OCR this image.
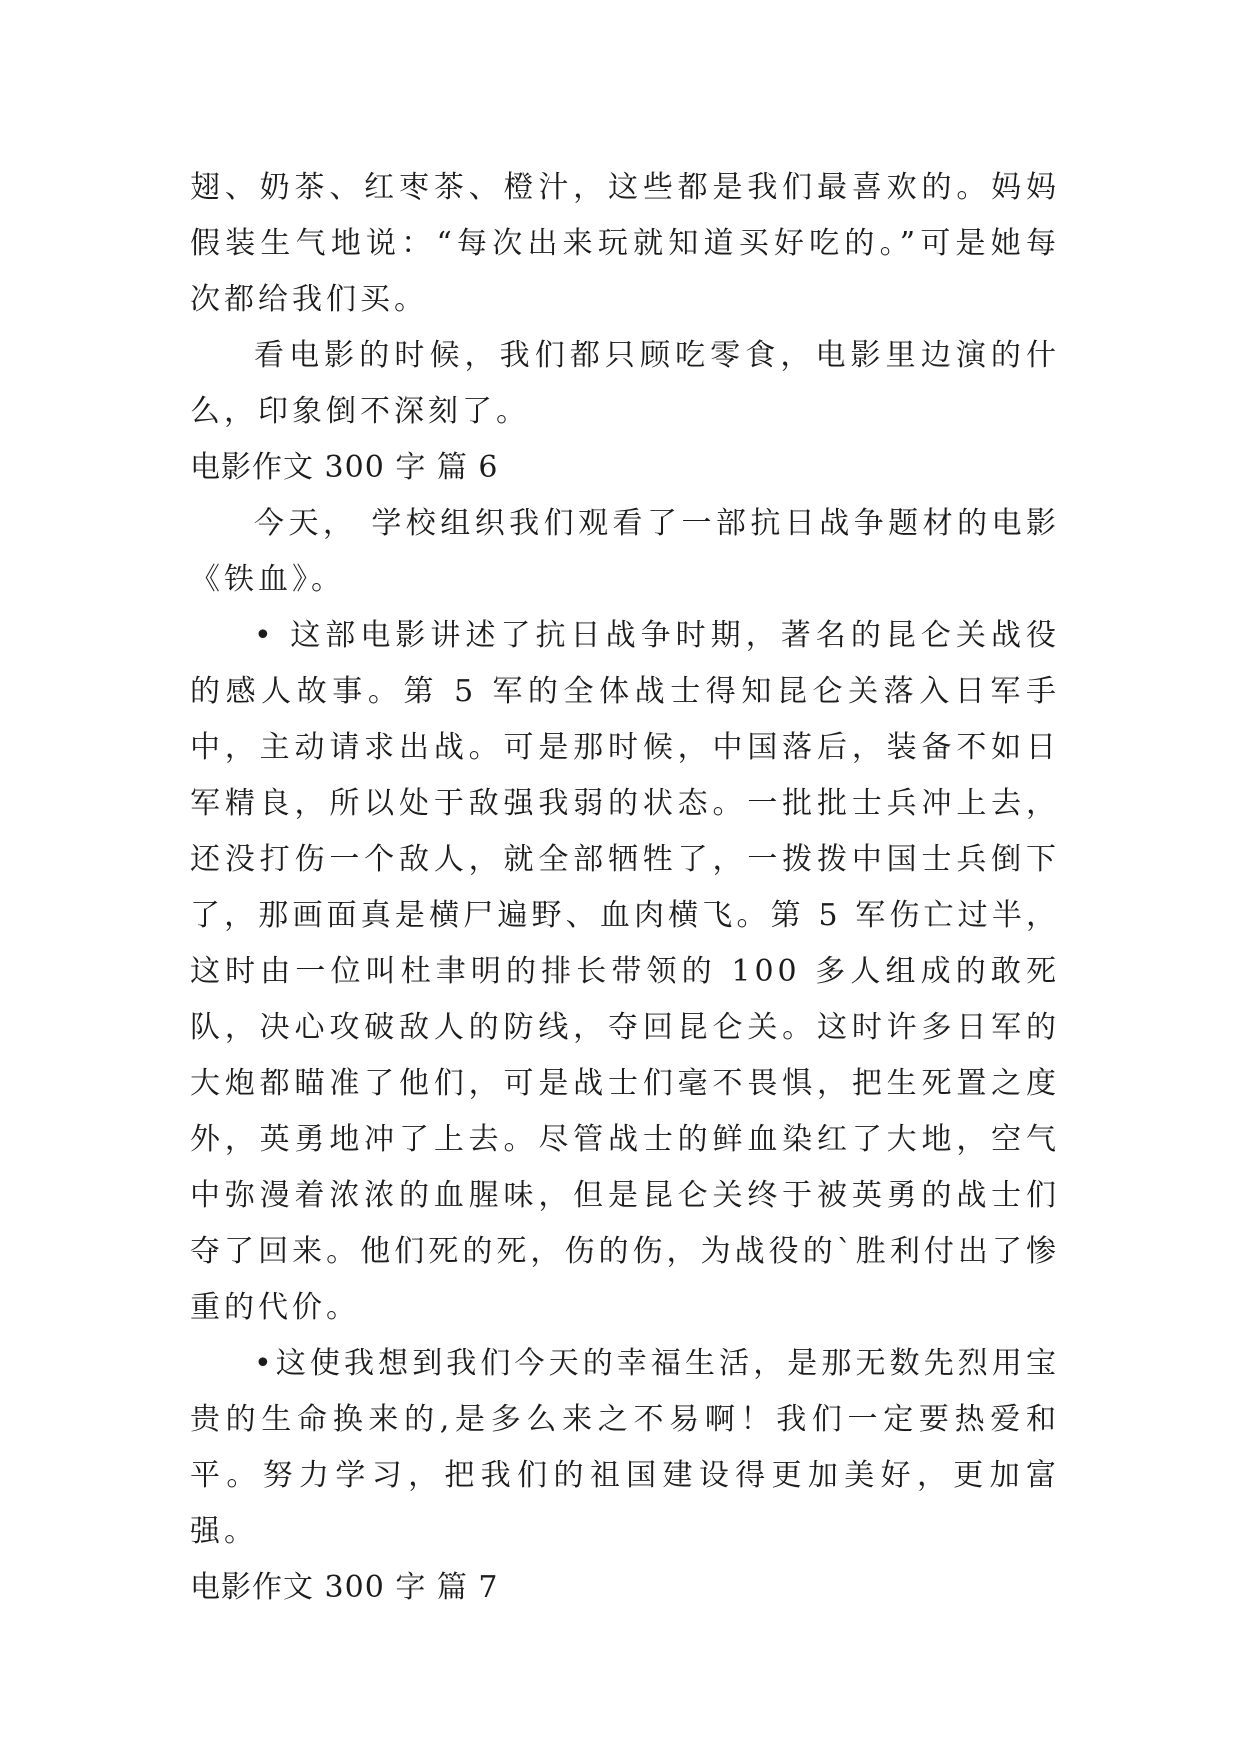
翅、奶茶、红枣茶、橙汁，这些都是我们最喜欢的。妈妈假装生气地说：“每次出来玩就知道买好吃的。”可是她每次都给我们买。

看电影的时候，我们都只顾吃零食，电影里边演的什么，印象倒不深刻了。

电影作文 300 字 篇 6

今天， 学校组织我们观看了一部抗日战争题材的电影《铁血》。

• 这部电影讲述了抗日战争时期，著名的昆仑关战役的感人故事。第 5 军的全体战士得知昆仑关落入日军手中，主动请求出战。可是那时候，中国落后，装备不如日军精良，所以处于敌强我弱的状态。一批批士兵冲上去，还没打伤一个敌人，就全部牺牲了，一拨拨中国士兵倒下了，那画面真是横尸遍野、血肉横飞。第 5 军伤亡过半，这时由一位叫杜聿明的排长带领的 100 多人组成的敢死队，决心攻破敌人的防线，夺回昆仑关。这时许多日军的大炮都瞄准了他们，可是战士们毫不畏惧，把生死置之度外，英勇地冲了上去。尽管战士的鲜血染红了大地，空气中弥漫着浓浓的血腥味，但是昆仑关终于被英勇的战士们夺了回来。他们死的死，伤的伤，为战役的`胜利付出了惨重的代价。

•这使我想到我们今天的幸福生活，是那无数先烈用宝贵的生命换来的,是多么来之不易啊！我们一定要热爱和平。努力学习，把我们的祖国建设得更加美好，更加富强。

电影作文 300 字 篇 7
